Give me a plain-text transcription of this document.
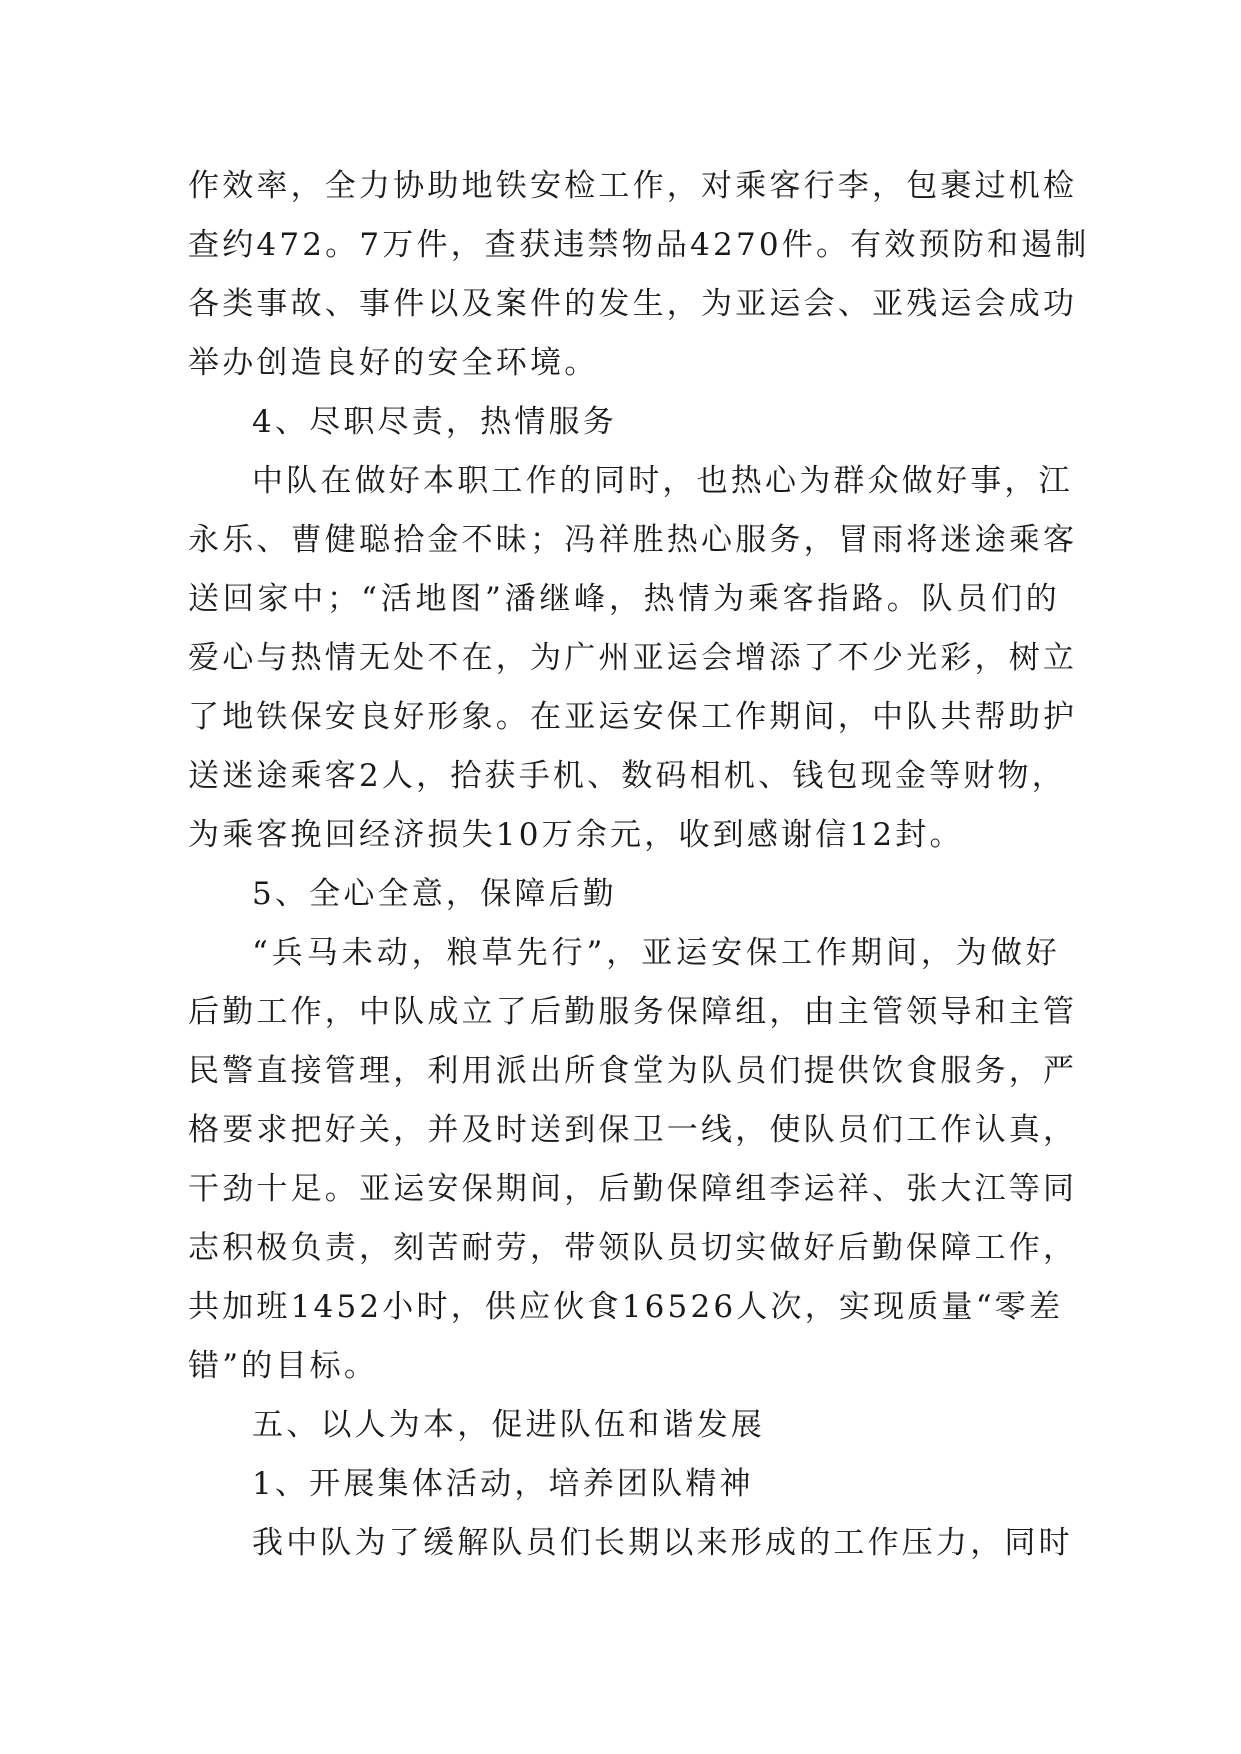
作效率，全力协助地铁安检工作，对乘客行李，包裹过机检
查约472。7万件，查获违禁物品4270件。有效预防和遏制
各类事故、事件以及案件的发生，为亚运会、亚残运会成功
举办创造良好的安全环境。
4、尽职尽责，热情服务
中队在做好本职工作的同时，也热心为群众做好事，江
永乐、曹健聪拾金不昧；冯祥胜热心服务，冒雨将迷途乘客
送回家中；“活地图”潘继峰，热情为乘客指路。队员们的
爱心与热情无处不在，为广州亚运会增添了不少光彩，树立
了地铁保安良好形象。在亚运安保工作期间，中队共帮助护
送迷途乘客2人，拾获手机、数码相机、钱包现金等财物，
为乘客挽回经济损失10万余元，收到感谢信12封。
5、全心全意，保障后勤
“兵马未动，粮草先行”，亚运安保工作期间，为做好
后勤工作，中队成立了后勤服务保障组，由主管领导和主管
民警直接管理，利用派出所食堂为队员们提供饮食服务，严
格要求把好关，并及时送到保卫一线，使队员们工作认真，
干劲十足。亚运安保期间，后勤保障组李运祥、张大江等同
志积极负责，刻苦耐劳，带领队员切实做好后勤保障工作，
共加班1452小时，供应伙食16526人次，实现质量“零差
错”的目标。
五、以人为本，促进队伍和谐发展
1、开展集体活动，培养团队精神
我中队为了缓解队员们长期以来形成的工作压力，同时
